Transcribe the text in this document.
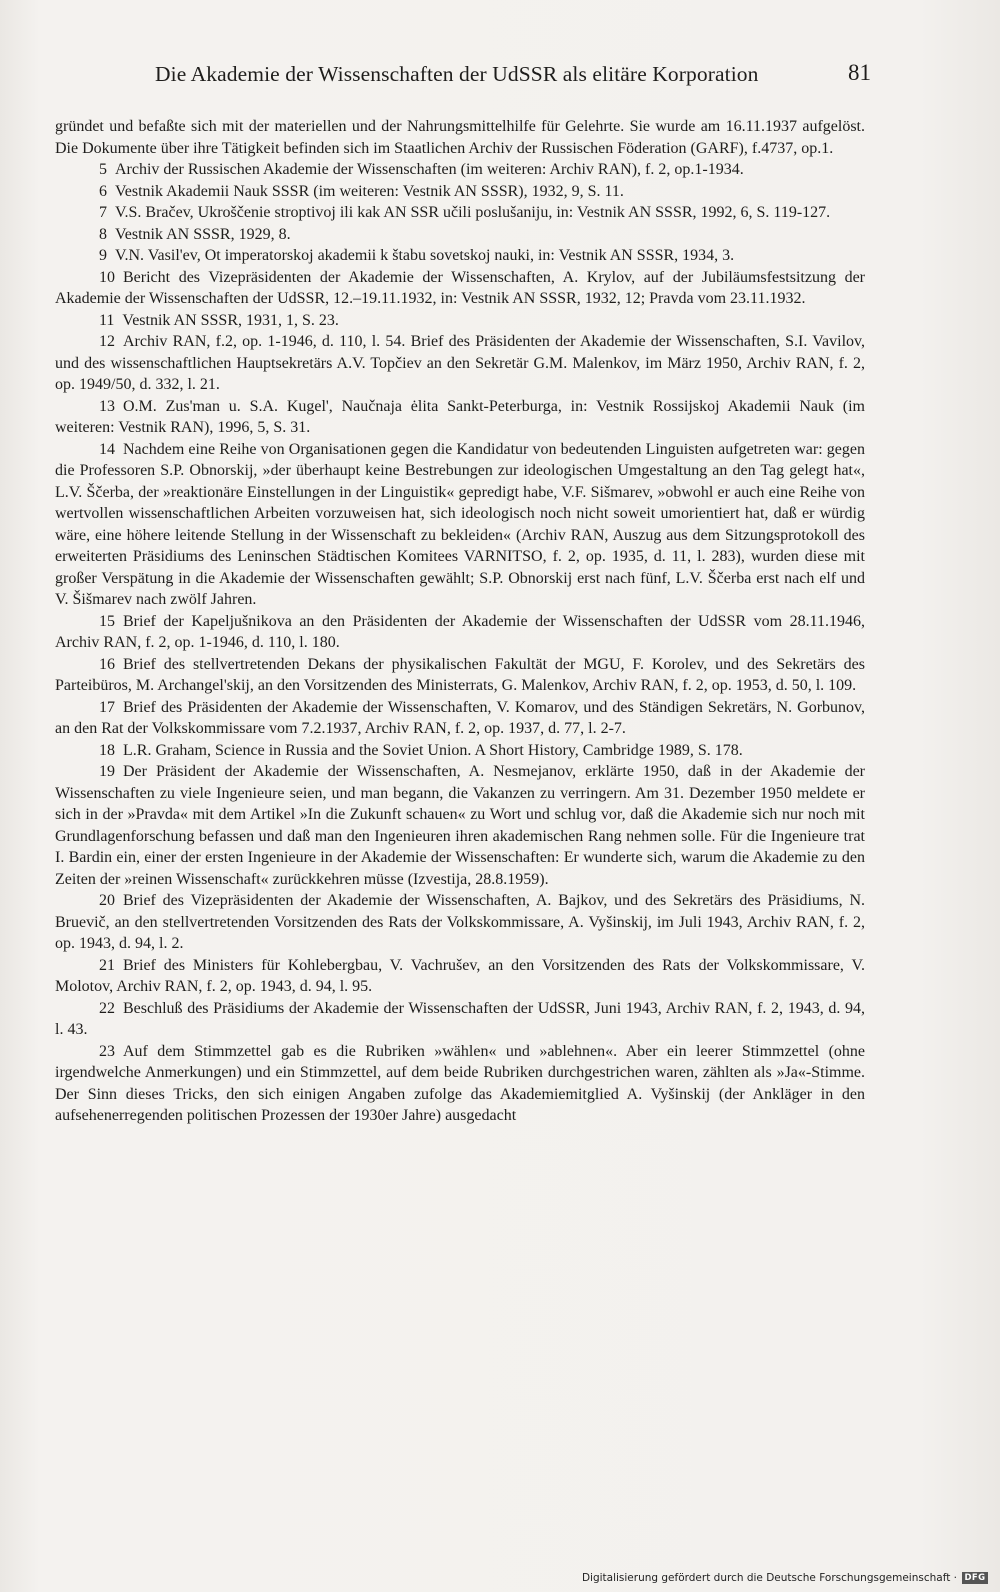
Die Akademie der Wissenschaften der UdSSR als elitäre Korporation	81

gründet und befaßte sich mit der materiellen und der Nahrungsmittelhilfe für Gelehrte. Sie wurde am 16.11.1937 aufgelöst. Die Dokumente über ihre Tätigkeit befinden sich im Staatlichen Archiv der Russischen Föderation (GARF), f.4737, op.1.

5 Archiv der Russischen Akademie der Wissenschaften (im weiteren: Archiv RAN), f. 2, op.1-1934.

6 Vestnik Akademii Nauk SSSR (im weiteren: Vestnik AN SSSR), 1932, 9, S. 11.

7 V.S. Bračev, Ukroščenie stroptivoj ili kak AN SSR učili poslušaniju, in: Vestnik AN SSSR, 1992, 6, S. 119-127.

8 Vestnik AN SSSR, 1929, 8.

9 V.N. Vasil'ev, Ot imperatorskoj akademii k štabu sovetskoj nauki, in: Vestnik AN SSSR, 1934, 3.

10 Bericht des Vizepräsidenten der Akademie der Wissenschaften, A. Krylov, auf der Jubiläumsfestsitzung der Akademie der Wissenschaften der UdSSR, 12.–19.11.1932, in: Vestnik AN SSSR, 1932, 12; Pravda vom 23.11.1932.

11 Vestnik AN SSSR, 1931, 1, S. 23.

12 Archiv RAN, f.2, op. 1-1946, d. 110, l. 54. Brief des Präsidenten der Akademie der Wissenschaften, S.I. Vavilov, und des wissenschaftlichen Hauptsekretärs A.V. Topčiev an den Sekretär G.M. Malenkov, im März 1950, Archiv RAN, f. 2, op. 1949/50, d. 332, l. 21.

13 O.M. Zus'man u. S.A. Kugel', Naučnaja ėlita Sankt-Peterburga, in: Vestnik Rossijskoj Akademii Nauk (im weiteren: Vestnik RAN), 1996, 5, S. 31.

14 Nachdem eine Reihe von Organisationen gegen die Kandidatur von bedeutenden Linguisten aufgetreten war: gegen die Professoren S.P. Obnorskij, »der überhaupt keine Bestrebungen zur ideologischen Umgestaltung an den Tag gelegt hat«, L.V. Ščerba, der »reaktionäre Einstellungen in der Linguistik« gepredigt habe, V.F. Sišmarev, »obwohl er auch eine Reihe von wertvollen wissenschaftlichen Arbeiten vorzuweisen hat, sich ideologisch noch nicht soweit umorientiert hat, daß er würdig wäre, eine höhere leitende Stellung in der Wissenschaft zu bekleiden« (Archiv RAN, Auszug aus dem Sitzungsprotokoll des erweiterten Präsidiums des Leninschen Städtischen Komitees VARNITSO, f. 2, op. 1935, d. 11, l. 283), wurden diese mit großer Verspätung in die Akademie der Wissenschaften gewählt; S.P. Obnorskij erst nach fünf, L.V. Ščerba erst nach elf und V. Šišmarev nach zwölf Jahren.

15 Brief der Kapeljušnikova an den Präsidenten der Akademie der Wissenschaften der UdSSR vom 28.11.1946, Archiv RAN, f. 2, op. 1-1946, d. 110, l. 180.

16 Brief des stellvertretenden Dekans der physikalischen Fakultät der MGU, F. Korolev, und des Sekretärs des Parteibüros, M. Archangel'skij, an den Vorsitzenden des Ministerrats, G. Malenkov, Archiv RAN, f. 2, op. 1953, d. 50, l. 109.

17 Brief des Präsidenten der Akademie der Wissenschaften, V. Komarov, und des Ständigen Sekretärs, N. Gorbunov, an den Rat der Volkskommissare vom 7.2.1937, Archiv RAN, f. 2, op. 1937, d. 77, l. 2-7.

18 L.R. Graham, Science in Russia and the Soviet Union. A Short History, Cambridge 1989, S. 178.

19 Der Präsident der Akademie der Wissenschaften, A. Nesmejanov, erklärte 1950, daß in der Akademie der Wissenschaften zu viele Ingenieure seien, und man begann, die Vakanzen zu verringern. Am 31. Dezember 1950 meldete er sich in der »Pravda« mit dem Artikel »In die Zukunft schauen« zu Wort und schlug vor, daß die Akademie sich nur noch mit Grundlagenforschung befassen und daß man den Ingenieuren ihren akademischen Rang nehmen solle. Für die Ingenieure trat I. Bardin ein, einer der ersten Ingenieure in der Akademie der Wissenschaften: Er wunderte sich, warum die Akademie zu den Zeiten der »reinen Wissenschaft« zurückkehren müsse (Izvestija, 28.8.1959).

20 Brief des Vizepräsidenten der Akademie der Wissenschaften, A. Bajkov, und des Sekretärs des Präsidiums, N. Bruevič, an den stellvertretenden Vorsitzenden des Rats der Volkskommissare, A. Vyšinskij, im Juli 1943, Archiv RAN, f. 2, op. 1943, d. 94, l. 2.

21 Brief des Ministers für Kohlebergbau, V. Vachrušev, an den Vorsitzenden des Rats der Volkskommissare, V. Molotov, Archiv RAN, f. 2, op. 1943, d. 94, l. 95.

22 Beschluß des Präsidiums der Akademie der Wissenschaften der UdSSR, Juni 1943, Archiv RAN, f. 2, 1943, d. 94, l. 43.

23 Auf dem Stimmzettel gab es die Rubriken »wählen« und »ablehnen«. Aber ein leerer Stimmzettel (ohne irgendwelche Anmerkungen) und ein Stimmzettel, auf dem beide Rubriken durchgestrichen waren, zählten als »Ja«-Stimme. Der Sinn dieses Tricks, den sich einigen Angaben zufolge das Akademiemitglied A. Vyšinskij (der Ankläger in den aufsehenerregenden politischen Prozessen der 1930er Jahre) ausgedacht

Digitalisierung gefördert durch die Deutsche Forschungsgemeinschaft · DFG
